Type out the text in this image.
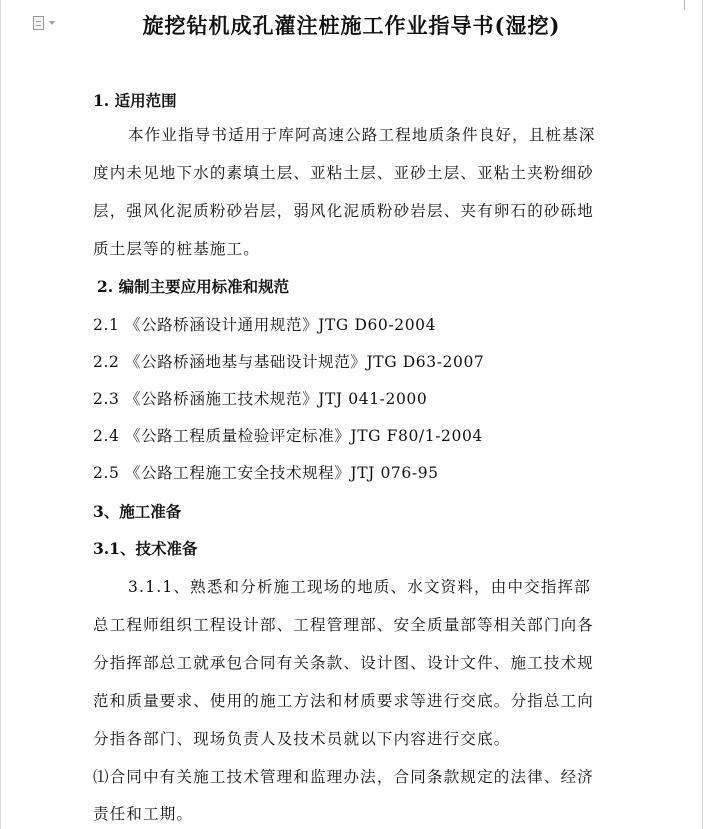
旋挖钻机成孔灌注桩施工作业指导书(湿挖)
1. 适用范围
本作业指导书适用于库阿高速公路工程地质条件良好，且桩基深
度内未见地下水的素填土层、亚粘土层、亚砂土层、亚粘土夹粉细砂
层，强风化泥质粉砂岩层，弱风化泥质粉砂岩层、夹有卵石的砂砾地
质土层等的桩基施工。
2. 编制主要应用标准和规范
2.1 《公路桥涵设计通用规范》JTG D60-2004
2.2 《公路桥涵地基与基础设计规范》JTG D63-2007
2.3 《公路桥涵施工技术规范》JTJ 041-2000
2.4 《公路工程质量检验评定标准》JTG F80/1-2004
2.5 《公路工程施工安全技术规程》JTJ 076-95
3、施工准备
3.1、技术准备
3.1.1、熟悉和分析施工现场的地质、水文资料，由中交指挥部
总工程师组织工程设计部、工程管理部、安全质量部等相关部门向各
分指挥部总工就承包合同有关条款、设计图、设计文件、施工技术规
范和质量要求、使用的施工方法和材质要求等进行交底。分指总工向
分指各部门、现场负责人及技术员就以下内容进行交底。
⑴合同中有关施工技术管理和监理办法，合同条款规定的法律、经济
责任和工期。
